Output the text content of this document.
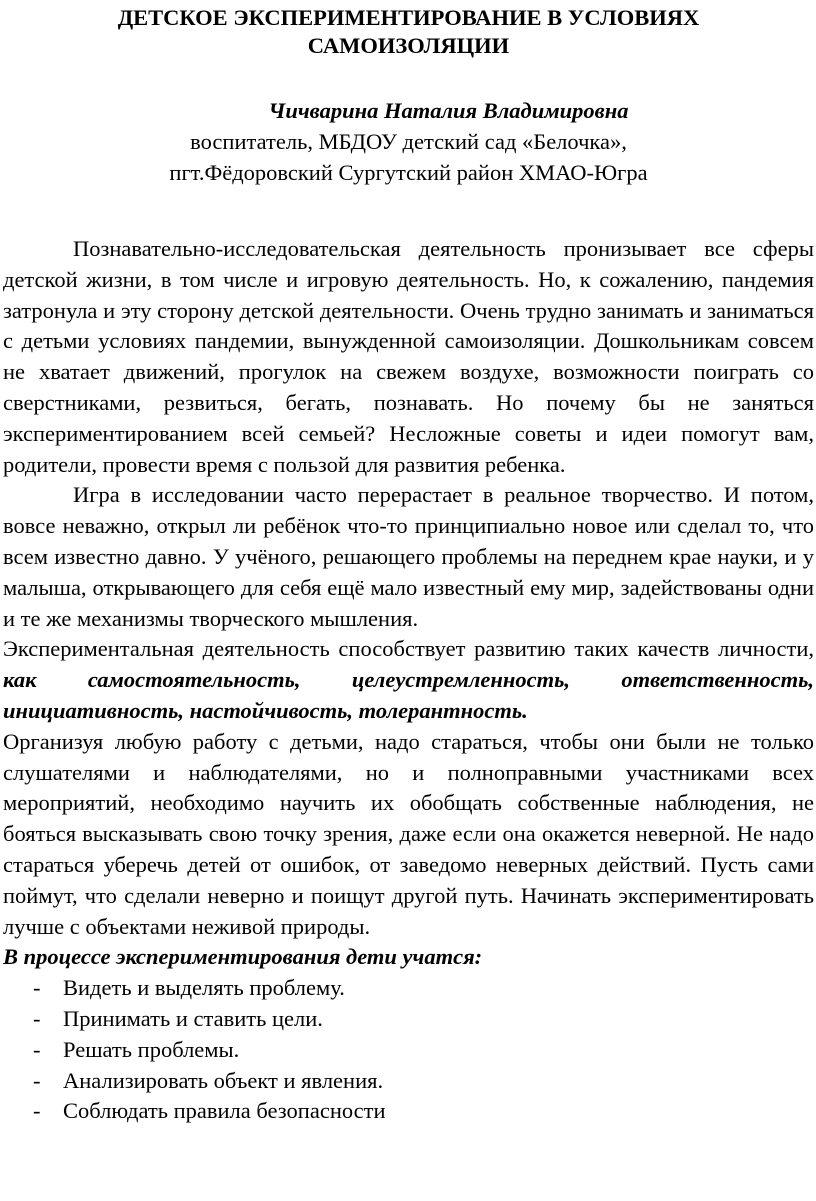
ДЕТСКОЕ ЭКСПЕРИМЕНТИРОВАНИЕ В УСЛОВИЯХ
САМОИЗОЛЯЦИИ
Чичварина Наталия Владимировна
воспитатель, МБДОУ детский сад «Белочка»,
пгт.Фёдоровский Сургутский район ХМАО-Югра

Познавательно-исследовательская деятельность пронизывает все сферы детской жизни, в том числе и игровую деятельность. Но, к сожалению, пандемия затронула и эту сторону детской деятельности. Очень трудно занимать и заниматься с детьми условиях пандемии, вынужденной самоизоляции. Дошкольникам совсем не хватает движений, прогулок на свежем воздухе, возможности поиграть со сверстниками, резвиться, бегать, познавать. Но почему бы не заняться экспериментированием всей семьей? Несложные советы и идеи помогут вам, родители, провести время с пользой для развития ребенка.

Игра в исследовании часто перерастает в реальное творчество. И потом, вовсе неважно, открыл ли ребёнок что-то принципиально новое или сделал то, что всем известно давно. У учёного, решающего проблемы на переднем крае науки, и у малыша, открывающего для себя ещё мало известный ему мир, задействованы одни и те же механизмы творческого мышления.

Экспериментальная деятельность способствует развитию таких качеств личности, как самостоятельность, целеустремленность, ответственность, инициативность, настойчивость, толерантность.

Организуя любую работу с детьми, надо стараться, чтобы они были не только слушателями и наблюдателями, но и полноправными участниками всех мероприятий, необходимо научить их обобщать собственные наблюдения, не бояться высказывать свою точку зрения, даже если она окажется неверной. Не надо стараться уберечь детей от ошибок, от заведомо неверных действий. Пусть сами поймут, что сделали неверно и поищут другой путь. Начинать экспериментировать лучше с объектами неживой природы.

В процессе экспериментирования дети учатся:

- Видеть и выделять проблему.
- Принимать и ставить цели.
- Решать проблемы.
- Анализировать объект и явления.
- Соблюдать правила безопасности
